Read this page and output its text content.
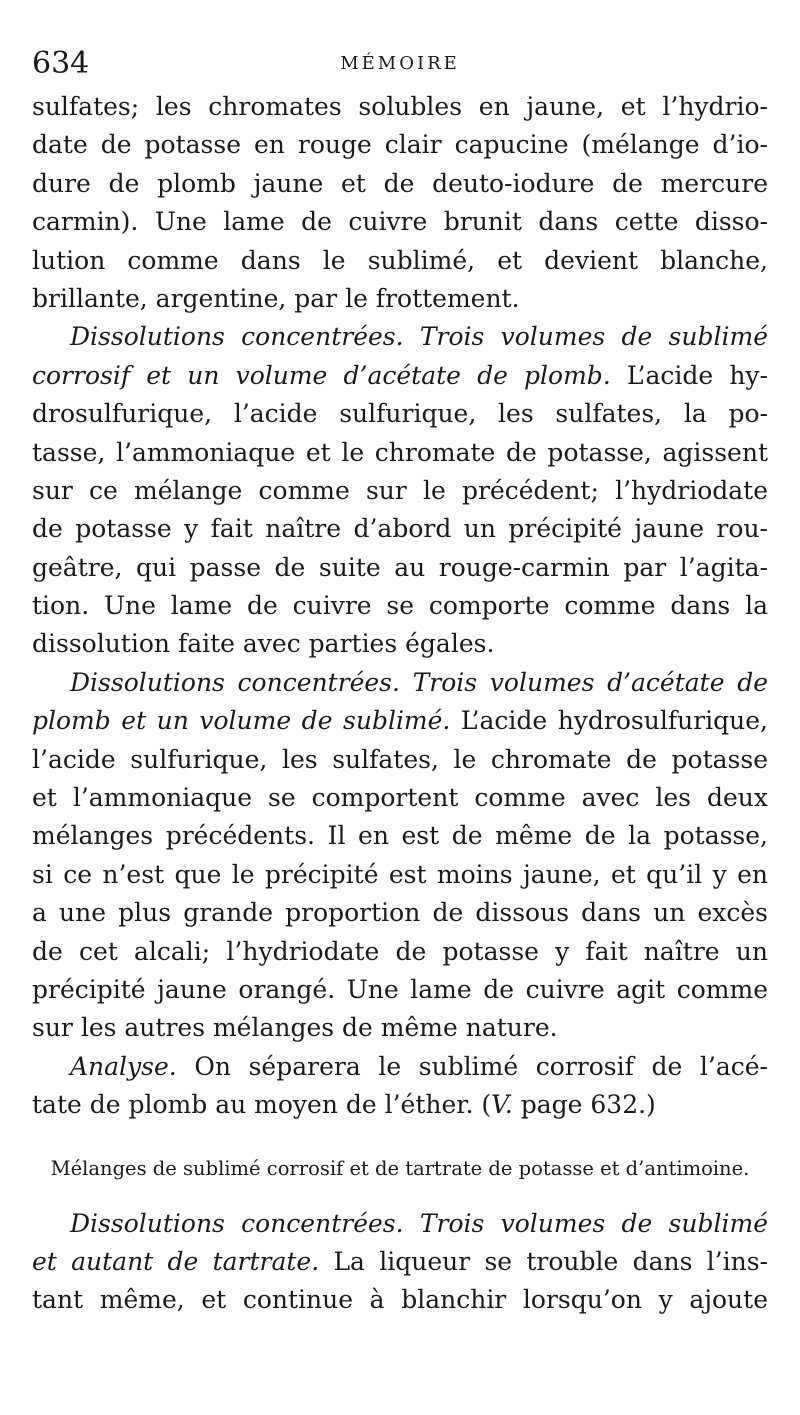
634	MÉMOIRE
sulfates; les chromates solubles en jaune, et l’hydrio-
date de potasse en rouge clair capucine (mélange d’io-
dure de plomb jaune et de deuto-iodure de mercure
carmin). Une lame de cuivre brunit dans cette disso-
lution comme dans le sublimé, et devient blanche,
brillante, argentine, par le frottement.
Dissolutions concentrées. Trois volumes de sublimé
corrosif et un volume d’acétate de plomb. L’acide hy-
drosulfurique, l’acide sulfurique, les sulfates, la po-
tasse, l’ammoniaque et le chromate de potasse, agissent
sur ce mélange comme sur le précédent; l’hydriodate
de potasse y fait naître d’abord un précipité jaune rou-
geâtre, qui passe de suite au rouge-carmin par l’agita-
tion. Une lame de cuivre se comporte comme dans la
dissolution faite avec parties égales.
Dissolutions concentrées. Trois volumes d’acétate de
plomb et un volume de sublimé. L’acide hydrosulfurique,
l’acide sulfurique, les sulfates, le chromate de potasse
et l’ammoniaque se comportent comme avec les deux
mélanges précédents. Il en est de même de la potasse,
si ce n’est que le précipité est moins jaune, et qu’il y en
a une plus grande proportion de dissous dans un excès
de cet alcali; l’hydriodate de potasse y fait naître un
précipité jaune orangé. Une lame de cuivre agit comme
sur les autres mélanges de même nature.
Analyse. On séparera le sublimé corrosif de l’acé-
tate de plomb au moyen de l’éther. (V. page 632.)
Mélanges de sublimé corrosif et de tartrate de potasse et d’antimoine.
Dissolutions concentrées. Trois volumes de sublimé
et autant de tartrate. La liqueur se trouble dans l’ins-
tant même, et continue à blanchir lorsqu’on y ajoute
